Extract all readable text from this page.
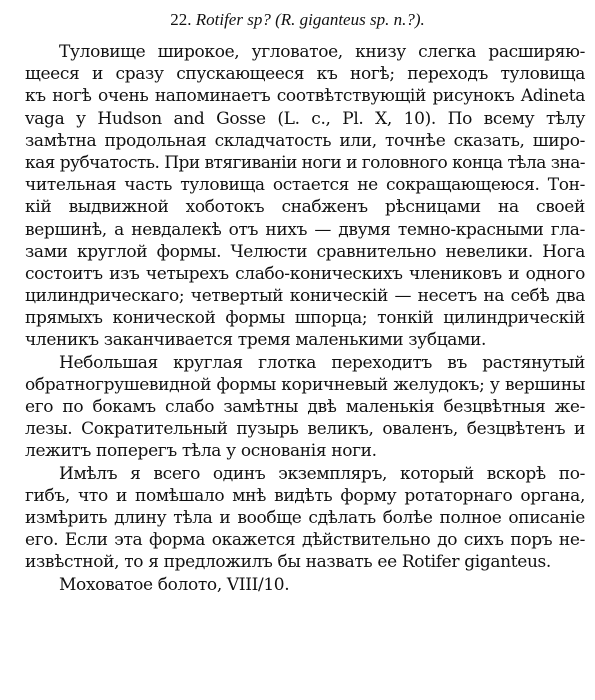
22. Rotifer sp? (R. giganteus sp. n.?).
Туловище широкое, угловатое, книзу слегка расширяю-
щееся и сразу спускающееся къ ногѣ; переходъ туловища
къ ногѣ очень напоминаетъ соотвѣтствующій рисунокъ Adineta
vaga у Hudson and Gosse (L. c., Pl. X, 10). По всему тѣлу
замѣтна продольная складчатость или, точнѣе сказать, широ-
кая рубчатость. При втягиваніи ноги и головного конца тѣла зна-
чительная часть туловища остается не сокращающеюся. Тон-
кій выдвижной хоботокъ снабженъ рѣсницами на своей
вершинѣ, а невдалекѣ отъ нихъ — двумя темно-красными гла-
зами круглой формы. Челюсти сравнительно невелики. Нога
состоитъ изъ четырехъ слабо-коническихъ члениковъ и одного
цилиндрическаго; четвертый коническій — несетъ на себѣ два
прямыхъ конической формы шпорца; тонкій цилиндрическій
членикъ заканчивается тремя маленькими зубцами.
Небольшая круглая глотка переходитъ въ растянутый
обратногрушевидной формы коричневый желудокъ; у вершины
его по бокамъ слабо замѣтны двѣ маленькія безцвѣтныя же-
лезы. Сократительный пузырь великъ, оваленъ, безцвѣтенъ и
лежитъ поперегъ тѣла у основанія ноги.
Имѣлъ я всего одинъ экземпляръ, который вскорѣ по-
гибъ, что и помѣшало мнѣ видѣть форму ротаторнаго органа,
измѣрить длину тѣла и вообще сдѣлать болѣе полное описаніе
его. Если эта форма окажется дѣйствительно до сихъ поръ не-
извѣстной, то я предложилъ бы назвать ее Rotifer giganteus.
Моховатое болото, VIII/10.
